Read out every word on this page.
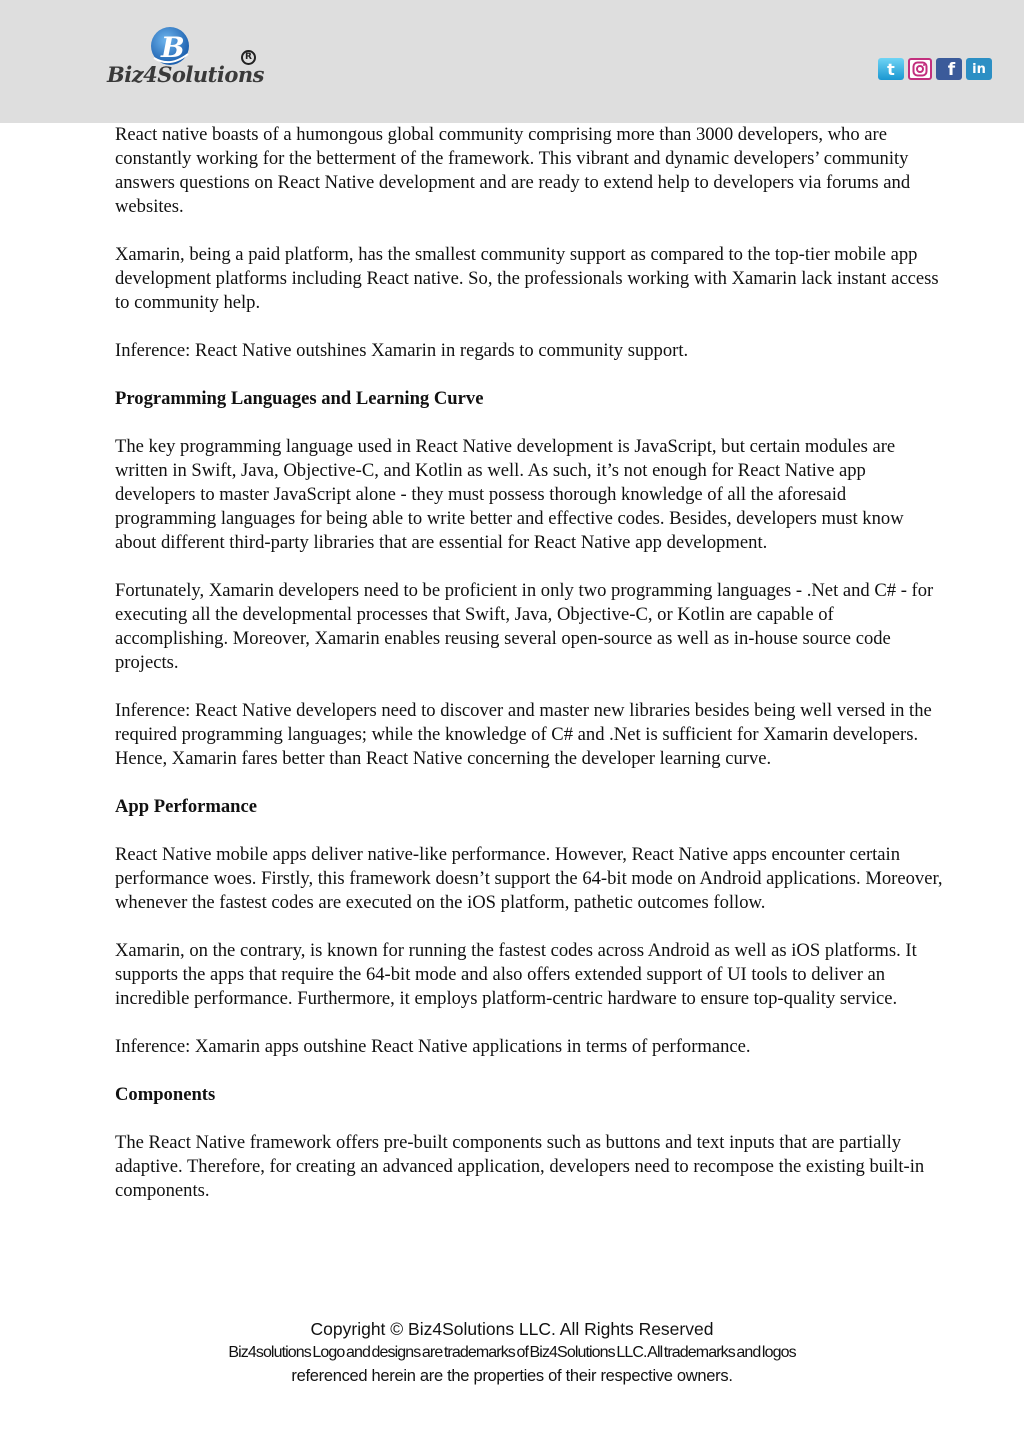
B
Biz4Solutions
R
t	f	in

React native boasts of a humongous global community comprising more than 3000 developers, who are constantly working for the betterment of the framework. This vibrant and dynamic developers’ community answers questions on React Native development and are ready to extend help to developers via forums and websites.

Xamarin, being a paid platform, has the smallest community support as compared to the top-tier mobile app development platforms including React native. So, the professionals working with Xamarin lack instant access to community help.

Inference: React Native outshines Xamarin in regards to community support.

Programming Languages and Learning Curve

The key programming language used in React Native development is JavaScript, but certain modules are written in Swift, Java, Objective-C, and Kotlin as well. As such, it’s not enough for React Native app developers to master JavaScript alone - they must possess thorough knowledge of all the aforesaid programming languages for being able to write better and effective codes. Besides, developers must know about different third-party libraries that are essential for React Native app development.

Fortunately, Xamarin developers need to be proficient in only two programming languages - .Net and C# - for executing all the developmental processes that Swift, Java, Objective-C, or Kotlin are capable of accomplishing. Moreover, Xamarin enables reusing several open-source as well as in-house source code projects.

Inference: React Native developers need to discover and master new libraries besides being well versed in the required programming languages; while the knowledge of C# and .Net is sufficient for Xamarin developers. Hence, Xamarin fares better than React Native concerning the developer learning curve.

App Performance

React Native mobile apps deliver native-like performance. However, React Native apps encounter certain performance woes. Firstly, this framework doesn’t support the 64-bit mode on Android applications. Moreover, whenever the fastest codes are executed on the iOS platform, pathetic outcomes follow.

Xamarin, on the contrary, is known for running the fastest codes across Android as well as iOS platforms. It supports the apps that require the 64-bit mode and also offers extended support of UI tools to deliver an incredible performance. Furthermore, it employs platform-centric hardware to ensure top-quality service.

Inference: Xamarin apps outshine React Native applications in terms of performance.

Components

The React Native framework offers pre-built components such as buttons and text inputs that are partially adaptive. Therefore, for creating an advanced application, developers need to recompose the existing built-in components.

Copyright © Biz4Solutions LLC. All Rights Reserved
Biz4solutions Logo and designs are trademarks of Biz4Solutions LLC. All trademarks and logos
referenced herein are the properties of their respective owners.
